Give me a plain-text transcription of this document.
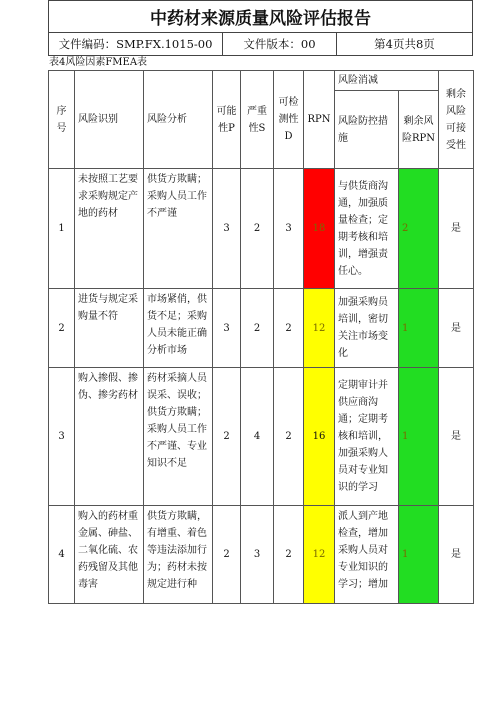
中药材来源质量风险评估报告
文件编码：SMP.FX.1015-00	文件版本：00	第4页共8页
表4风险因素FMEA表
序号	风险识别	风险分析	可能性P	严重性S	可检测性D	RPN	风险消减		剩余风险可接受性
							风险防控措施	剩余风险RPN	
1	未按照工艺要求采购规定产地的药材	供货方欺瞒；采购人员工作不严谨	3	2	3	18	与供货商沟通，加强质量检查；定期考核和培训，增强责任心。	2	是
2	进货与规定采购量不符	市场紧俏，供货不足；采购人员未能正确分析市场	3	2	2	12	加强采购员培训，密切关注市场变化	1	是
3	购入掺假、掺伪、掺劣药材	药材采摘人员误采、误收；供货方欺瞒；采购人员工作不严谨、专业知识不足	2	4	2	16	定期审计并供应商沟通；定期考核和培训，加强采购人员对专业知识的学习	1	是
4	购入的药材重金属、砷盐、二氧化硫、农药残留及其他毒害	供货方欺瞒，有增重、着色等违法添加行为；药材未按规定进行种	2	3	2	12	派人到产地检查，增加采购人员对专业知识的学习；增加	1	是
